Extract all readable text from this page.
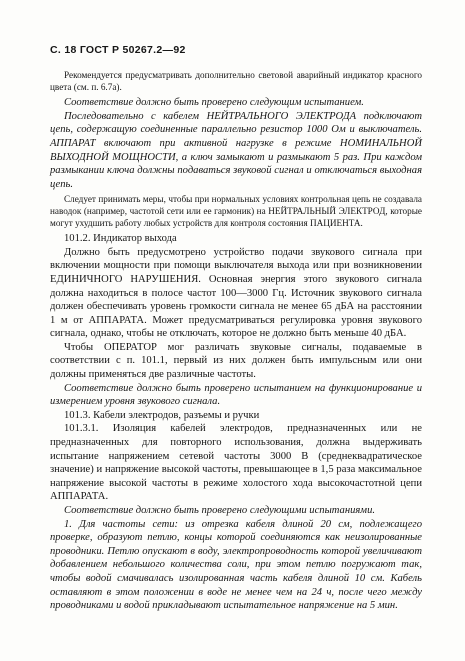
С. 18 ГОСТ Р 50267.2—92

Рекомендуется предусматривать дополнительно световой аварийный индикатор красного цвета (см. п. 6.7а).

Соответствие должно быть проверено следующим испытанием.

Последовательно с кабелем НЕЙТРАЛЬНОГО ЭЛЕКТРОДА подключают цепь, содержащую соединенные параллельно резистор 1000 Ом и выключатель. АППАРАТ включают при активной нагрузке в режиме НОМИНАЛЬНОЙ ВЫХОДНОЙ МОЩНОСТИ, а ключ замыкают и размыкают 5 раз. При каждом размыкании ключа должны подаваться звуковой сигнал и отключаться выходная цепь.

Следует принимать меры, чтобы при нормальных условиях контрольная цепь не создавала наводок (например, частотой сети или ее гармоник) на НЕЙТРАЛЬНЫЙ ЭЛЕКТРОД, которые могут ухудшить работу любых устройств для контроля состояния ПАЦИЕНТА.

101.2. Индикатор выхода

Должно быть предусмотрено устройство подачи звукового сигнала при включении мощности при помощи выключателя выхода или при возникновении ЕДИНИЧНОГО НАРУШЕНИЯ. Основная энергия этого звукового сигнала должна находиться в полосе частот 100—3000 Гц. Источник звукового сигнала должен обеспечивать уровень громкости сигнала не менее 65 дБА на расстоянии 1 м от АППАРАТА. Может предусматриваться регулировка уровня звукового сигнала, однако, чтобы не отключать, которое не должно быть меньше 40 дБА.

Чтобы ОПЕРАТОР мог различать звуковые сигналы, подаваемые в соответствии с п. 101.1, первый из них должен быть импульсным или они должны применяться две различные частоты.

Соответствие должно быть проверено испытанием на функционирование и измерением уровня звукового сигнала.

101.3. Кабели электродов, разъемы и ручки

101.3.1. Изоляция кабелей электродов, предназначенных или не предназначенных для повторного использования, должна выдерживать испытание напряжением сетевой частоты 3000 В (среднеквадратическое значение) и напряжение высокой частоты, превышающее в 1,5 раза максимальное напряжение высокой частоты в режиме холостого хода высокочастотной цепи АППАРАТА.

Соответствие должно быть проверено следующими испытаниями.

1. Для частоты сети: из отрезка кабеля длиной 20 см, подлежащего проверке, образуют петлю, концы которой соединяются как неизолированные проводники. Петлю опускают в воду, электропроводность которой увеличивают добавлением небольшого количества соли, при этом петлю погружают так, чтобы водой смачивалась изолированная часть кабеля длиной 10 см. Кабель оставляют в этом положении в воде не менее чем на 24 ч, после чего между проводниками и водой прикладывают испытательное напряжение на 5 мин.
